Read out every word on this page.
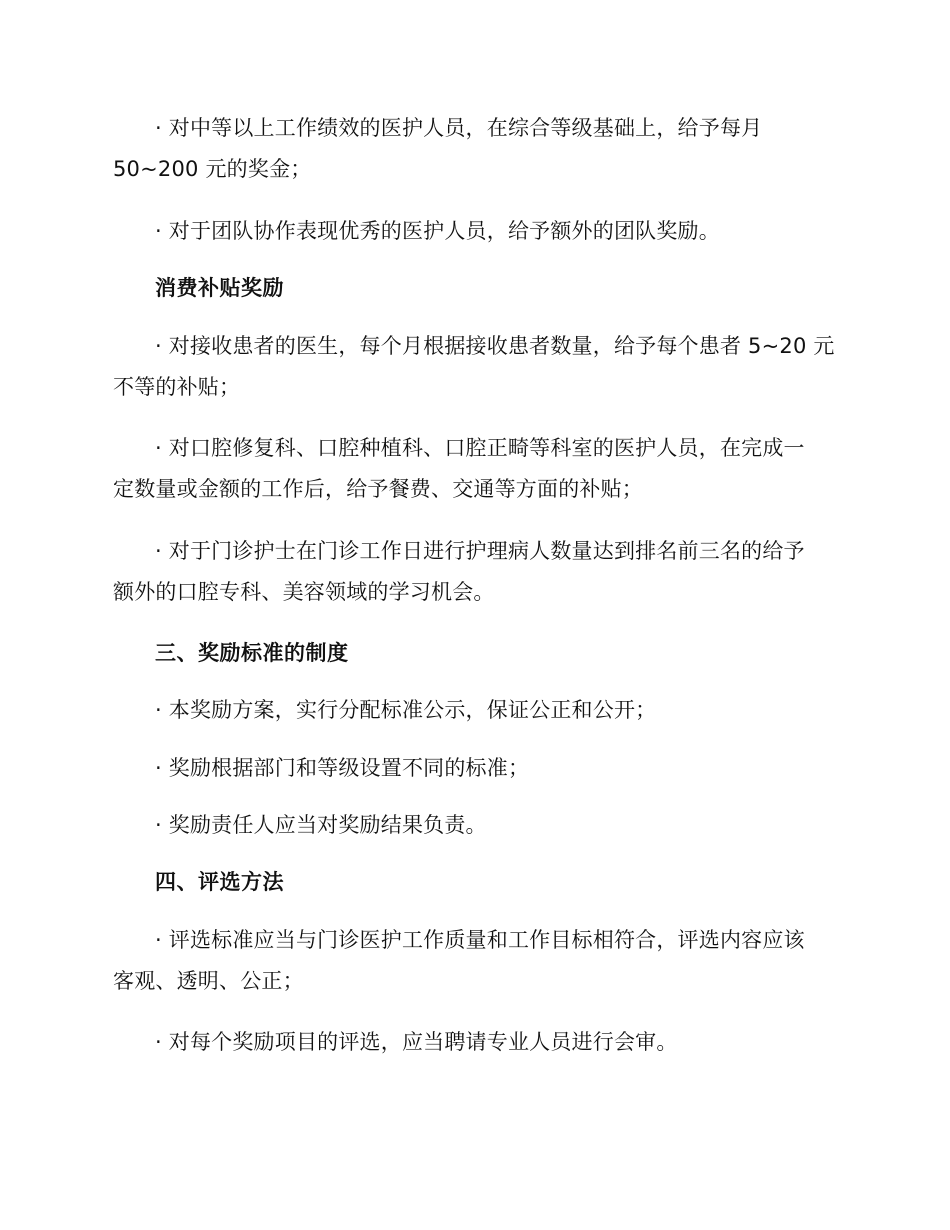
· 对中等以上工作绩效的医护人员，在综合等级基础上，给予每月
50~200 元的奖金；
· 对于团队协作表现优秀的医护人员，给予额外的团队奖励。
消费补贴奖励
· 对接收患者的医生，每个月根据接收患者数量，给予每个患者 5~20 元
不等的补贴；
· 对口腔修复科、口腔种植科、口腔正畸等科室的医护人员，在完成一
定数量或金额的工作后，给予餐费、交通等方面的补贴；
· 对于门诊护士在门诊工作日进行护理病人数量达到排名前三名的给予
额外的口腔专科、美容领域的学习机会。
三、奖励标准的制度
· 本奖励方案，实行分配标准公示，保证公正和公开；
· 奖励根据部门和等级设置不同的标准；
· 奖励责任人应当对奖励结果负责。
四、评选方法
· 评选标准应当与门诊医护工作质量和工作目标相符合，评选内容应该
客观、透明、公正；
· 对每个奖励项目的评选，应当聘请专业人员进行会审。
